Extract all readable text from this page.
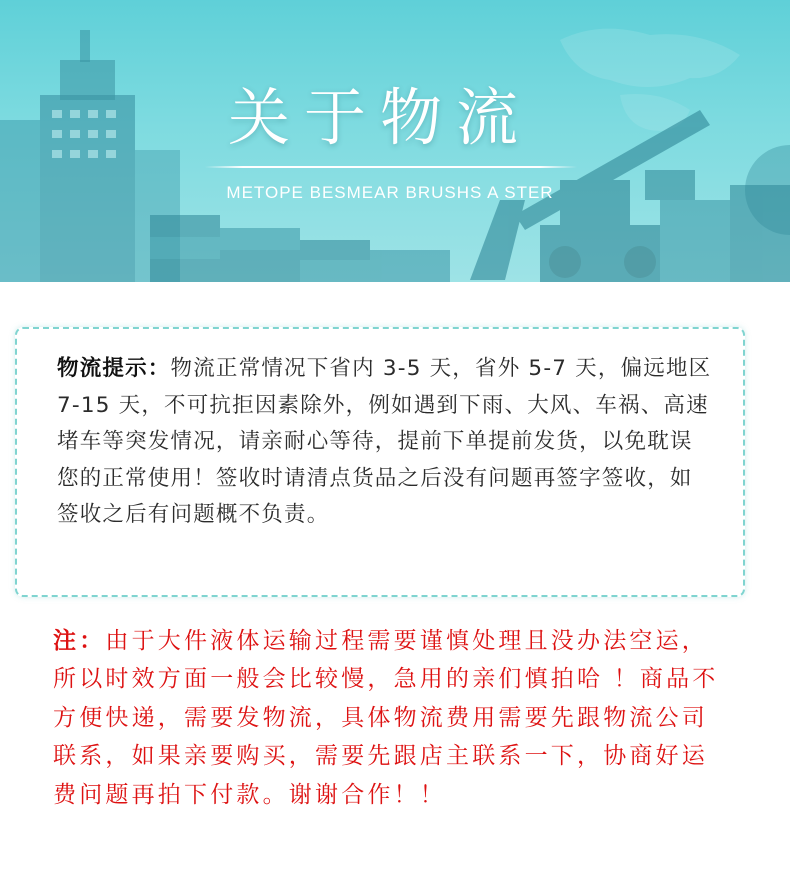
关于物流
METOPE BESMEAR BRUSHS A STER
物流提示：物流正常情况下省内 3-5 天，省外 5-7 天，偏远地区 7-15 天，不可抗拒因素除外，例如遇到下雨、大风、车祸、高速堵车等突发情况，请亲耐心等待，提前下单提前发货，以免耽误您的正常使用！签收时请清点货品之后没有问题再签字签收，如签收之后有问题概不负责。
注：由于大件液体运输过程需要谨慎处理且没办法空运，所以时效方面一般会比较慢，急用的亲们慎拍哈 ！商品不方便快递，需要发物流，具体物流费用需要先跟物流公司联系，如果亲要购买，需要先跟店主联系一下，协商好运费问题再拍下付款。谢谢合作！！
